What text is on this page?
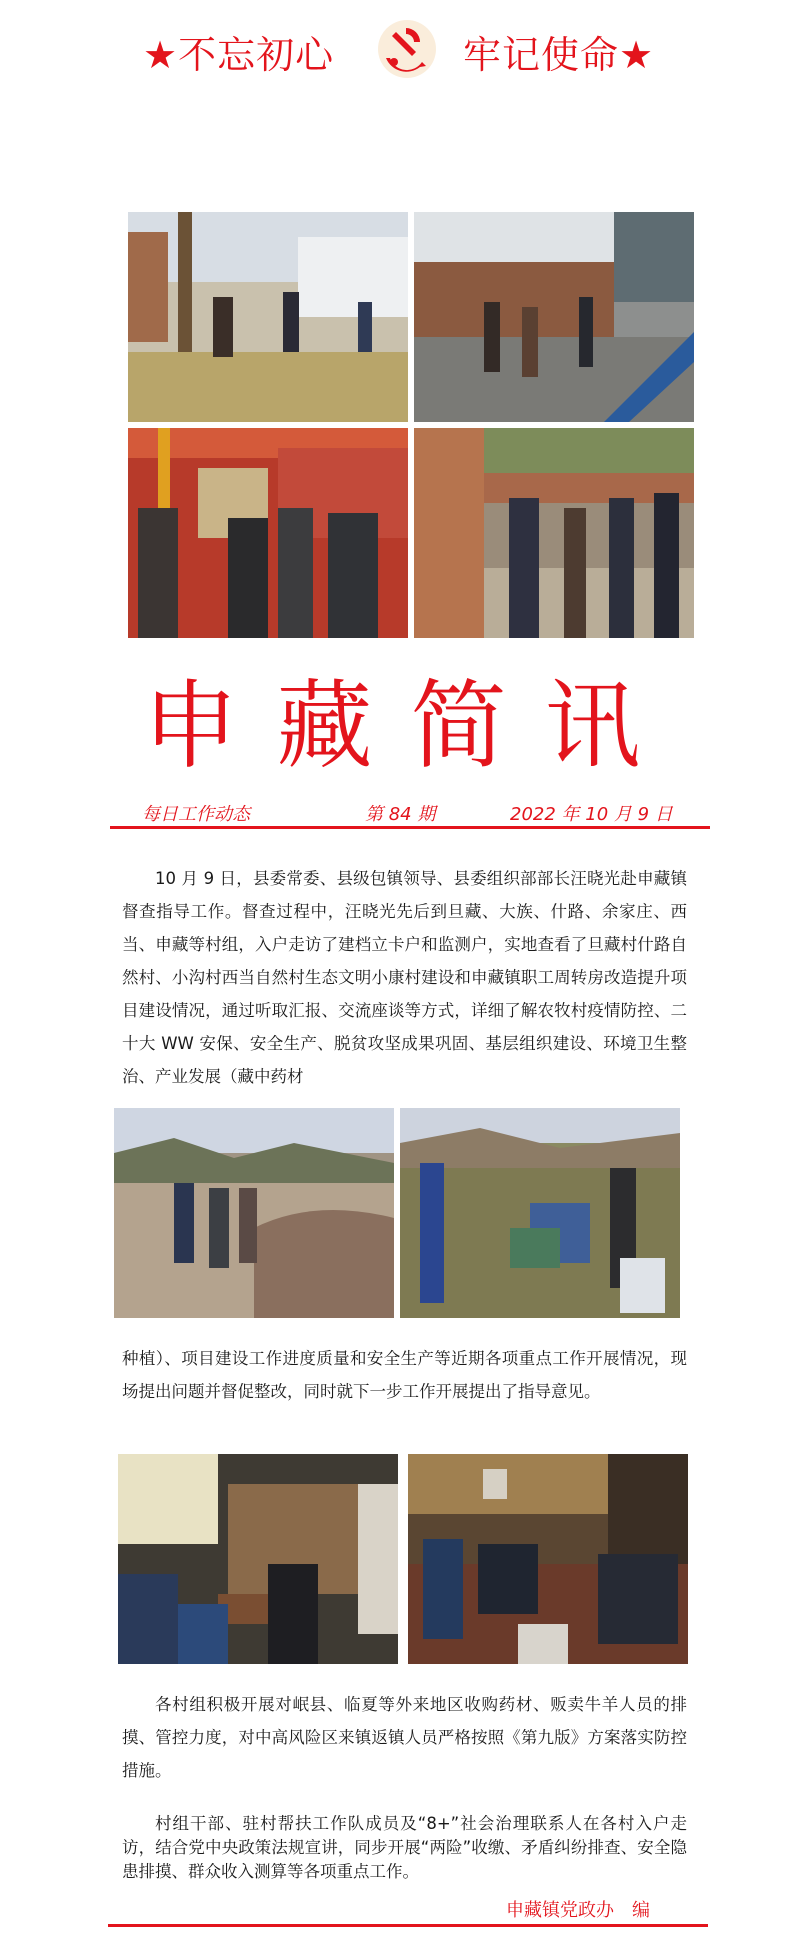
★不忘初心	牢记使命★
申藏简讯
每日工作动态	第 84 期	2022 年 10 月 9 日
10 月 9 日，县委常委、县级包镇领导、县委组织部部长汪晓光赴申藏镇督查指导工作。督查过程中，汪晓光先后到旦藏、大族、什路、余家庄、西当、申藏等村组，入户走访了建档立卡户和监测户，实地查看了旦藏村什路自然村、小沟村西当自然村生态文明小康村建设和申藏镇职工周转房改造提升项目建设情况，通过听取汇报、交流座谈等方式，详细了解农牧村疫情防控、二十大 WW 安保、安全生产、脱贫攻坚成果巩固、基层组织建设、环境卫生整治、产业发展（藏中药材
种植）、项目建设工作进度质量和安全生产等近期各项重点工作开展情况，现场提出问题并督促整改，同时就下一步工作开展提出了指导意见。
各村组积极开展对岷县、临夏等外来地区收购药材、贩卖牛羊人员的排摸、管控力度，对中高风险区来镇返镇人员严格按照《第九版》方案落实防控措施。
村组干部、驻村帮扶工作队成员及“8+”社会治理联系人在各村入户走访，结合党中央政策法规宣讲，同步开展“两险”收缴、矛盾纠纷排查、安全隐患排摸、群众收入测算等各项重点工作。
申藏镇党政办　编
